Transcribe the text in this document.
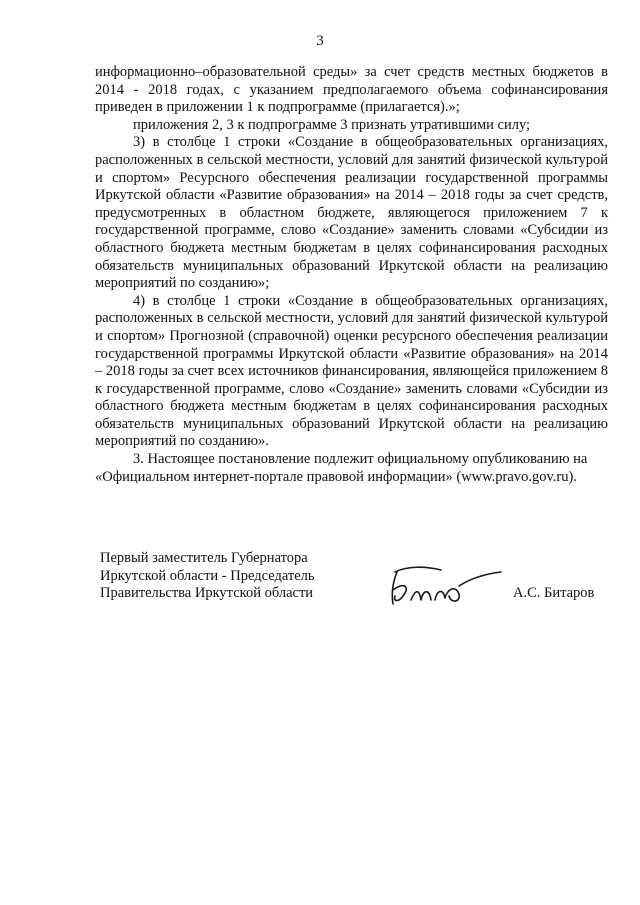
3

информационно–образовательной среды» за счет средств местных бюджетов в 2014 - 2018 годах, с указанием предполагаемого объема софинансирования приведен в приложении 1 к подпрограмме (прилагается).»;

приложения 2, 3 к подпрограмме 3 признать утратившими силу;

3) в столбце 1 строки «Создание в общеобразовательных организациях, расположенных в сельской местности, условий для занятий физической культурой и спортом» Ресурсного обеспечения реализации государственной программы Иркутской области «Развитие образования» на 2014 – 2018 годы за счет средств, предусмотренных в областном бюджете, являющегося приложением 7 к государственной программе, слово «Создание» заменить словами «Субсидии из областного бюджета местным бюджетам в целях софинансирования расходных обязательств муниципальных образований Иркутской области на реализацию мероприятий по созданию»;

4) в столбце 1 строки «Создание в общеобразовательных организациях, расположенных в сельской местности, условий для занятий физической культурой и спортом» Прогнозной (справочной) оценки ресурсного обеспечения реализации государственной программы Иркутской области «Развитие образования» на 2014 – 2018 годы за счет всех источников финансирования, являющейся приложением 8 к государственной программе, слово «Создание» заменить словами «Субсидии из областного бюджета местным бюджетам в целях софинансирования расходных обязательств муниципальных образований Иркутской области на реализацию мероприятий по созданию».

3. Настоящее постановление подлежит официальному опубликованию на «Официальном интернет-портале правовой информации» (www.pravo.gov.ru).

Первый заместитель Губернатора
Иркутской области - Председатель
Правительства Иркутской области	А.С. Битаров
